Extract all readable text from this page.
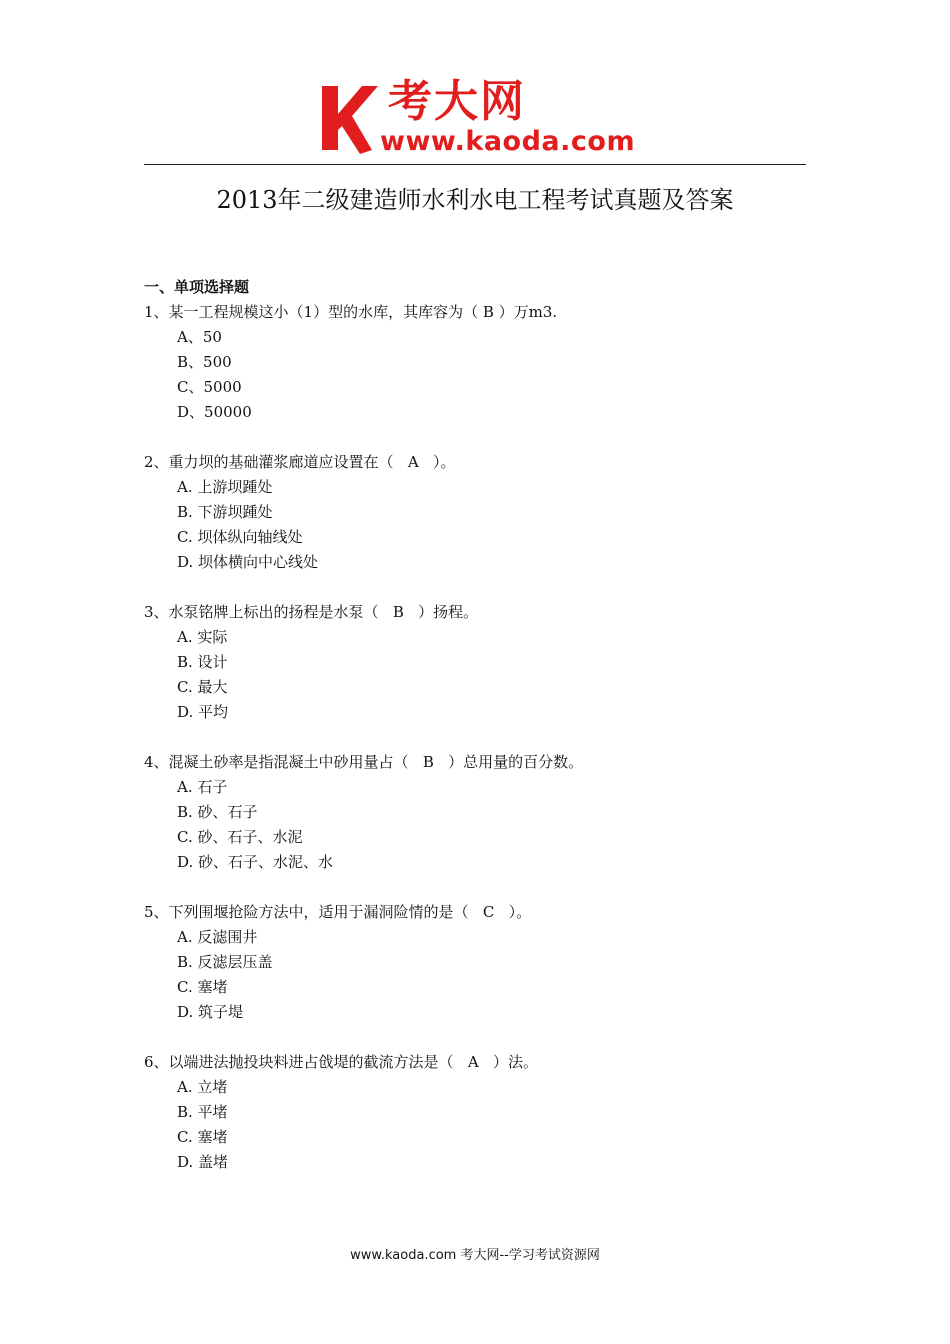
考大网
www.kaoda.com
2013年二级建造师水利水电工程考试真题及答案
一、单项选择题
1、某一工程规模这小（1）型的水库，其库容为（ B ）万m3.
A、50
B、500
C、5000
D、50000
2、重力坝的基础灌浆廊道应设置在（   A   ）。
A. 上游坝踵处
B. 下游坝踵处
C. 坝体纵向轴线处
D. 坝体横向中心线处
3、水泵铭牌上标出的扬程是水泵（   B   ）扬程。
A. 实际
B. 设计
C. 最大
D. 平均
4、混凝土砂率是指混凝土中砂用量占（   B   ）总用量的百分数。
A. 石子
B. 砂、石子
C. 砂、石子、水泥
D. 砂、石子、水泥、水
5、下列围堰抢险方法中，适用于漏洞险情的是（   C   ）。
A. 反滤围井
B. 反滤层压盖
C. 塞堵
D. 筑子堤
6、以端进法抛投块料进占戗堤的截流方法是（   A   ）法。
A. 立堵
B. 平堵
C. 塞堵
D. 盖堵
www.kaoda.com 考大网--学习考试资源网
